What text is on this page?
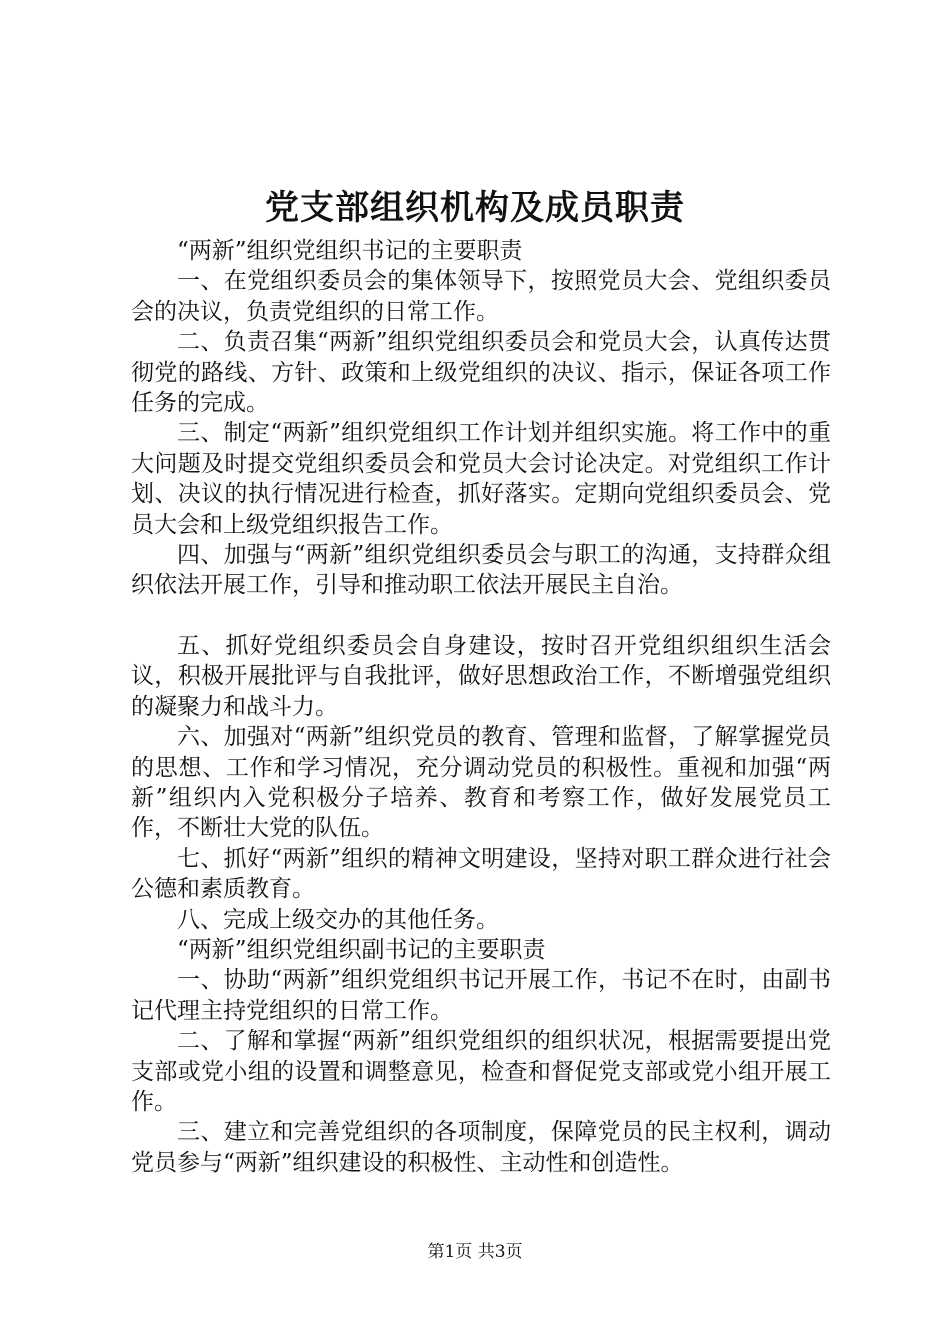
党支部组织机构及成员职责

“两新”组织党组织书记的主要职责

一、在党组织委员会的集体领导下，按照党员大会、党组织委员会的决议，负责党组织的日常工作。

二、负责召集“两新”组织党组织委员会和党员大会，认真传达贯彻党的路线、方针、政策和上级党组织的决议、指示，保证各项工作任务的完成。

三、制定“两新”组织党组织工作计划并组织实施。将工作中的重大问题及时提交党组织委员会和党员大会讨论决定。对党组织工作计划、决议的执行情况进行检查，抓好落实。定期向党组织委员会、党员大会和上级党组织报告工作。

四、加强与“两新”组织党组织委员会与职工的沟通，支持群众组织依法开展工作，引导和推动职工依法开展民主自治。

五、抓好党组织委员会自身建设，按时召开党组织组织生活会议，积极开展批评与自我批评，做好思想政治工作，不断增强党组织的凝聚力和战斗力。

六、加强对“两新”组织党员的教育、管理和监督，了解掌握党员的思想、工作和学习情况，充分调动党员的积极性。重视和加强“两新”组织内入党积极分子培养、教育和考察工作，做好发展党员工作，不断壮大党的队伍。

七、抓好“两新”组织的精神文明建设，坚持对职工群众进行社会公德和素质教育。

八、完成上级交办的其他任务。

“两新”组织党组织副书记的主要职责

一、协助“两新”组织党组织书记开展工作，书记不在时，由副书记代理主持党组织的日常工作。

二、了解和掌握“两新”组织党组织的组织状况，根据需要提出党支部或党小组的设置和调整意见，检查和督促党支部或党小组开展工作。

三、建立和完善党组织的各项制度，保障党员的民主权利，调动党员参与“两新”组织建设的积极性、主动性和创造性。

第1页 共3页
